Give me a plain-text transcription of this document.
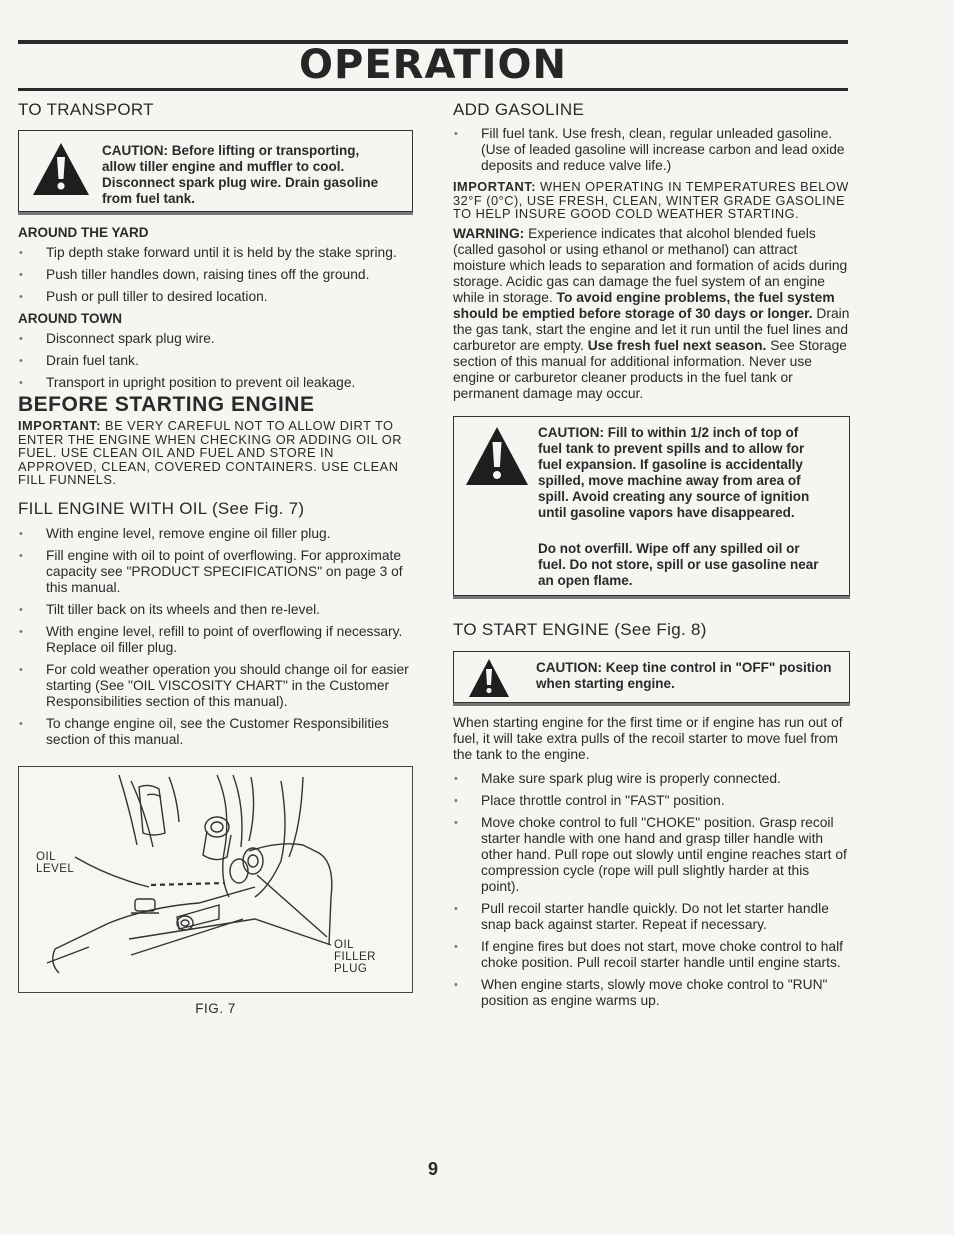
OPERATION
TO TRANSPORT
CAUTION: Before lifting or transporting, allow tiller engine and muffler to cool. Disconnect spark plug wire. Drain gasoline from fuel tank.
AROUND THE YARD
• Tip depth stake forward until it is held by the stake spring.
• Push tiller handles down, raising tines off the ground.
• Push or pull tiller to desired location.
AROUND TOWN
• Disconnect spark plug wire.
• Drain fuel tank.
• Transport in upright position to prevent oil leakage.
BEFORE STARTING ENGINE

IMPORTANT: BE VERY CAREFUL NOT TO ALLOW DIRT TO ENTER THE ENGINE WHEN CHECKING OR ADDING OIL OR FUEL. USE CLEAN OIL AND FUEL AND STORE IN APPROVED, CLEAN, COVERED CONTAINERS. USE CLEAN FILL FUNNELS.

FILL ENGINE WITH OIL (See Fig. 7)
• With engine level, remove engine oil filler plug.
• Fill engine with oil to point of overflowing. For approximate capacity see "PRODUCT SPECIFICATIONS" on page 3 of this manual.
• Tilt tiller back on its wheels and then re-level.
• With engine level, refill to point of overflowing if necessary. Replace oil filler plug.
• For cold weather operation you should change oil for easier starting (See "OIL VISCOSITY CHART" in the Customer Responsibilities section of this manual).
• To change engine oil, see the Customer Responsibilities section of this manual.
OIL
LEVEL
OIL
FILLER
PLUG
FIG. 7
ADD GASOLINE
• Fill fuel tank. Use fresh, clean, regular unleaded gasoline. (Use of leaded gasoline will increase carbon and lead oxide deposits and reduce valve life.)

IMPORTANT: WHEN OPERATING IN TEMPERATURES BELOW 32°F (0°C), USE FRESH, CLEAN, WINTER GRADE GASOLINE TO HELP INSURE GOOD COLD WEATHER STARTING.

WARNING: Experience indicates that alcohol blended fuels (called gasohol or using ethanol or methanol) can attract moisture which leads to separation and formation of acids during storage. Acidic gas can damage the fuel system of an engine while in storage. To avoid engine problems, the fuel system should be emptied before storage of 30 days or longer. Drain the gas tank, start the engine and let it run until the fuel lines and carburetor are empty. Use fresh fuel next season. See Storage section of this manual for additional information. Never use engine or carburetor cleaner products in the fuel tank or permanent damage may occur.

CAUTION: Fill to within 1/2 inch of top of fuel tank to prevent spills and to allow for fuel expansion. If gasoline is accidentally spilled, move machine away from area of spill. Avoid creating any source of ignition until gasoline vapors have disappeared.
Do not overfill. Wipe off any spilled oil or fuel. Do not store, spill or use gasoline near an open flame.
TO START ENGINE (See Fig. 8)
CAUTION: Keep tine control in "OFF" position when starting engine.

When starting engine for the first time or if engine has run out of fuel, it will take extra pulls of the recoil starter to move fuel from the tank to the engine.

• Make sure spark plug wire is properly connected.
• Place throttle control in "FAST" position.
• Move choke control to full "CHOKE" position. Grasp recoil starter handle with one hand and grasp tiller handle with other hand. Pull rope out slowly until engine reaches start of compression cycle (rope will pull slightly harder at this point).
• Pull recoil starter handle quickly. Do not let starter handle snap back against starter. Repeat if necessary.
• If engine fires but does not start, move choke control to half choke position. Pull recoil starter handle until engine starts.
• When engine starts, slowly move choke control to "RUN" position as engine warms up.
9
